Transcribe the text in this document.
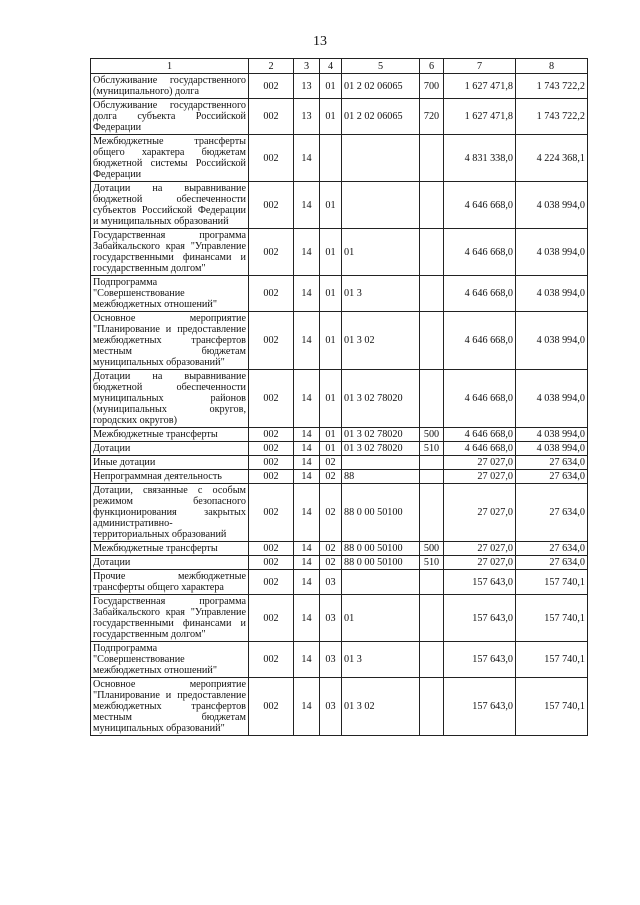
13
1	2	3	4	5	6	7	8
Обслуживание государственного (муниципального) долга	002	13	01	01 2 02 06065	700	1 627 471,8	1 743 722,2
Обслуживание государственного долга субъекта Российской Федерации	002	13	01	01 2 02 06065	720	1 627 471,8	1 743 722,2
Межбюджетные трансферты общего характера бюджетам бюджетной системы Российской Федерации	002	14				4 831 338,0	4 224 368,1
Дотации на выравнивание бюджетной обеспеченности субъектов Российской Федерации и муниципальных образований	002	14	01			4 646 668,0	4 038 994,0
Государственная программа Забайкальского края "Управление государственными финансами и государственным долгом"	002	14	01	01		4 646 668,0	4 038 994,0
Подпрограмма "Совершенствование межбюджетных отношений"	002	14	01	01 3		4 646 668,0	4 038 994,0
Основное мероприятие "Планирование и предоставление межбюджетных трансфертов местным бюджетам муниципальных образований"	002	14	01	01 3 02		4 646 668,0	4 038 994,0
Дотации на выравнивание бюджетной обеспеченности муниципальных районов (муниципальных округов, городских округов)	002	14	01	01 3 02 78020		4 646 668,0	4 038 994,0
Межбюджетные трансферты	002	14	01	01 3 02 78020	500	4 646 668,0	4 038 994,0
Дотации	002	14	01	01 3 02 78020	510	4 646 668,0	4 038 994,0
Иные дотации	002	14	02			27 027,0	27 634,0
Непрограммная деятельность	002	14	02	88		27 027,0	27 634,0
Дотации, связанные с особым режимом безопасного функционирования закрытых административно-территориальных образований	002	14	02	88 0 00 50100		27 027,0	27 634,0
Межбюджетные трансферты	002	14	02	88 0 00 50100	500	27 027,0	27 634,0
Дотации	002	14	02	88 0 00 50100	510	27 027,0	27 634,0
Прочие межбюджетные трансферты общего характера	002	14	03			157 643,0	157 740,1
Государственная программа Забайкальского края "Управление государственными финансами и государственным долгом"	002	14	03	01		157 643,0	157 740,1
Подпрограмма "Совершенствование межбюджетных отношений"	002	14	03	01 3		157 643,0	157 740,1
Основное мероприятие "Планирование и предоставление межбюджетных трансфертов местным бюджетам муниципальных образований"	002	14	03	01 3 02		157 643,0	157 740,1
